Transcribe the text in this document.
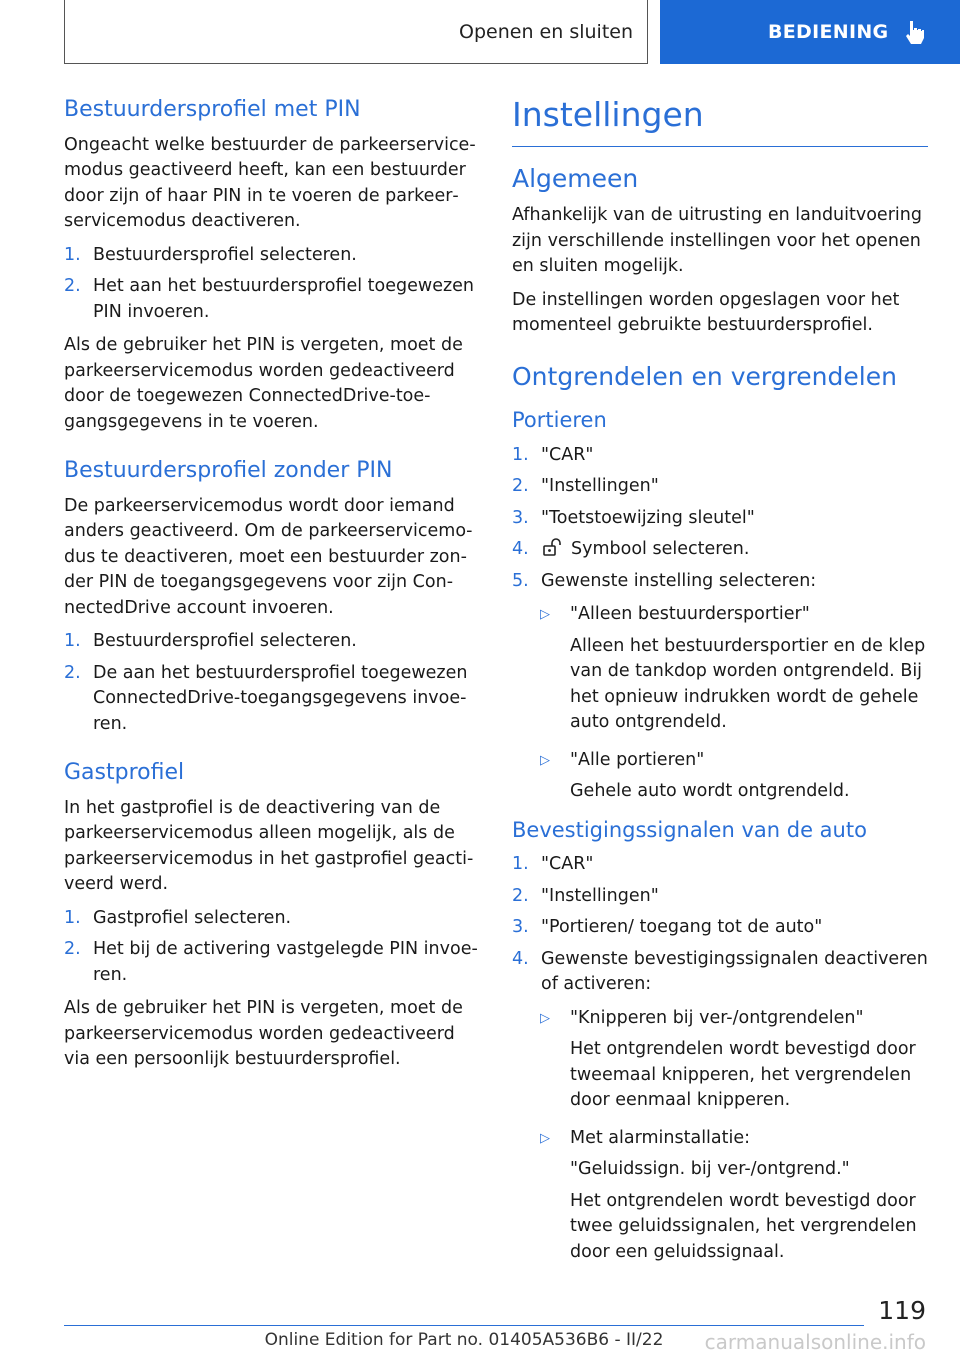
Openen en sluiten	BEDIENING
Bestuurdersprofiel met PIN

Ongeacht welke bestuurder de parkeerservicemodus geactiveerd heeft, kan een bestuurder door zijn of haar PIN in te voeren de parkeerservicemodus deactiveren.

1. Bestuurdersprofiel selecteren.
2. Het aan het bestuurdersprofiel toegewezen PIN invoeren.

Als de gebruiker het PIN is vergeten, moet de parkeerservicemodus worden gedeactiveerd door de toegewezen ConnectedDrive-toegangsgegevens in te voeren.

Bestuurdersprofiel zonder PIN

De parkeerservicemodus wordt door iemand anders geactiveerd. Om de parkeerservicemodus te deactiveren, moet een bestuurder zonder PIN de toegangsgegevens voor zijn ConnectedDrive account invoeren.

1. Bestuurdersprofiel selecteren.
2. De aan het bestuurdersprofiel toegewezen ConnectedDrive-toegangsgegevens invoeren.
Gastprofiel

In het gastprofiel is de deactivering van de parkeerservicemodus alleen mogelijk, als de parkeerservicemodus in het gastprofiel geactiveerd werd.

1. Gastprofiel selecteren.
2. Het bij de activering vastgelegde PIN invoeren.

Als de gebruiker het PIN is vergeten, moet de parkeerservicemodus worden gedeactiveerd via een persoonlijk bestuurdersprofiel.

Instellingen
Algemeen

Afhankelijk van de uitrusting en landuitvoering zijn verschillende instellingen voor het openen en sluiten mogelijk.

De instellingen worden opgeslagen voor het momenteel gebruikte bestuurdersprofiel.

Ontgrendelen en vergrendelen
Portieren
1. "CAR"
2. "Instellingen"
3. "Toetstoewijzing sleutel"
4.	Symbool selecteren.
5. Gewenste instelling selecteren:
▷	"Alleen bestuurdersportier"

Alleen het bestuurdersportier en de klep van de tankdop worden ontgrendeld. Bij het opnieuw indrukken wordt de gehele auto ontgrendeld.

▷	"Alle portieren"

Gehele auto wordt ontgrendeld.

Bevestigingssignalen van de auto
1. "CAR"
2. "Instellingen"
3. "Portieren/ toegang tot de auto"
4. Gewenste bevestigingssignalen deactiveren of activeren:
▷	"Knipperen bij ver-/ontgrendelen"

Het ontgrendelen wordt bevestigd door tweemaal knipperen, het vergrendelen door eenmaal knipperen.

▷	Met alarminstallatie:

"Geluidssign. bij ver-/ontgrend."

Het ontgrendelen wordt bevestigd door twee geluidssignalen, het vergrendelen door een geluidssignaal.

119
Online Edition for Part no. 01405A536B6 - II/22	carmanualsonline.info
